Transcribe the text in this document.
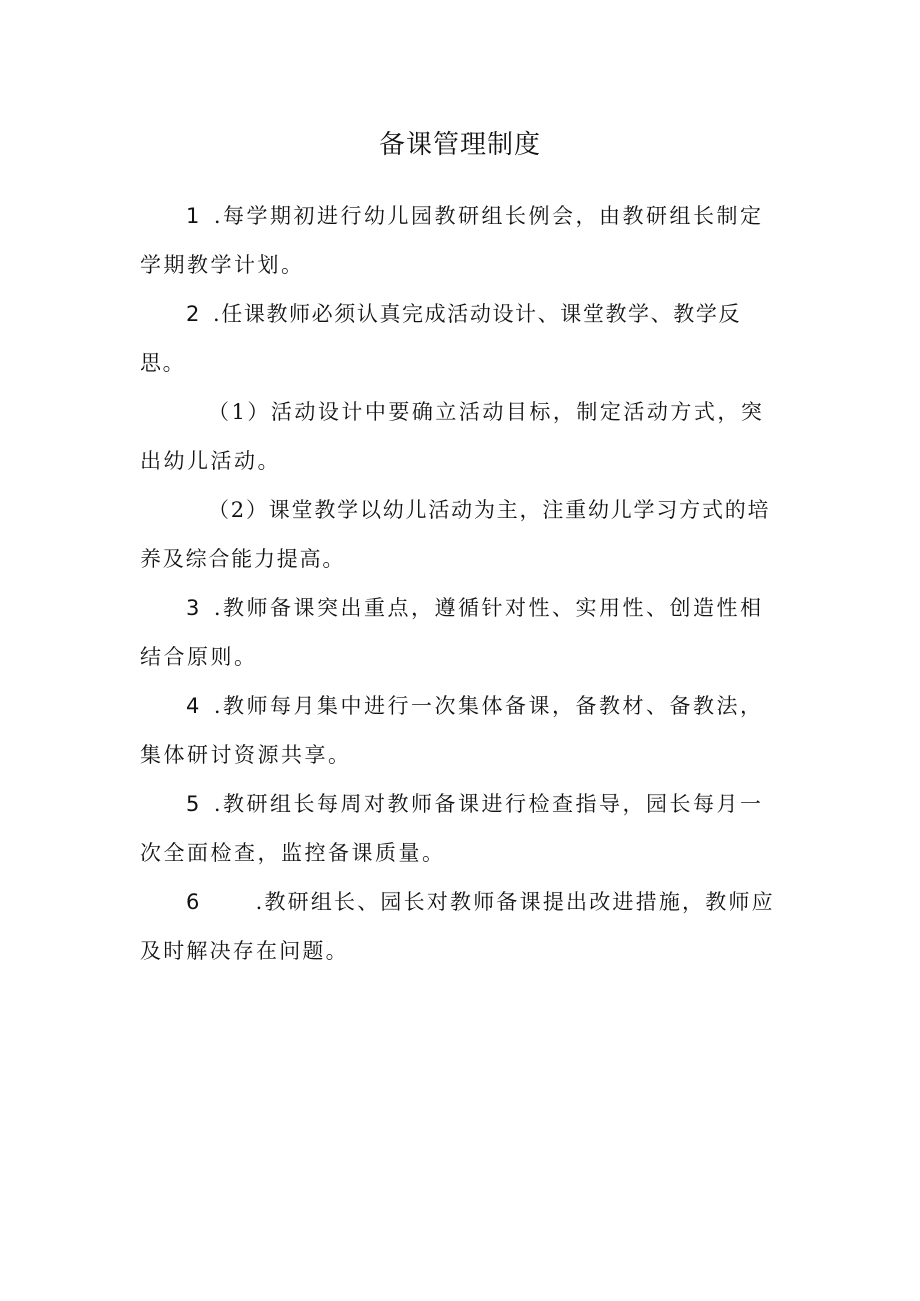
备课管理制度

1 .每学期初进行幼儿园教研组长例会，由教研组长制定学期教学计划。

2 .任课教师必须认真完成活动设计、课堂教学、教学反思。

（1）活动设计中要确立活动目标，制定活动方式，突出幼儿活动。

（2）课堂教学以幼儿活动为主，注重幼儿学习方式的培养及综合能力提高。

3 .教师备课突出重点，遵循针对性、实用性、创造性相结合原则。

4 .教师每月集中进行一次集体备课，备教材、备教法，集体研讨资源共享。

5 .教研组长每周对教师备课进行检查指导，园长每月一次全面检查，监控备课质量。

6	.教研组长、园长对教师备课提出改进措施，教师应及时解决存在问题。
